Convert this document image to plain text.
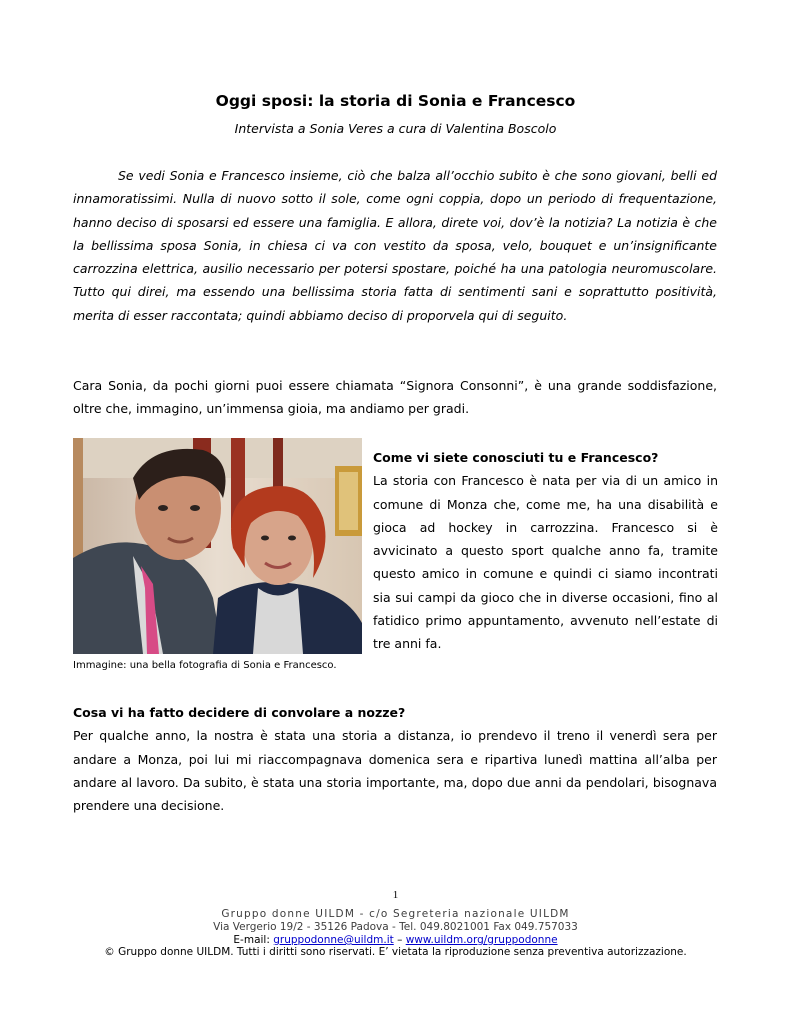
Oggi sposi: la storia di Sonia e Francesco
Intervista a Sonia Veres a cura di Valentina Boscolo

Se vedi Sonia e Francesco insieme, ciò che balza all’occhio subito è che sono giovani, belli ed innamoratissimi. Nulla di nuovo sotto il sole, come ogni coppia, dopo un periodo di frequentazione, hanno deciso di sposarsi ed essere una famiglia. E allora, direte voi, dov’è la notizia? La notizia è che la bellissima sposa Sonia, in chiesa ci va con vestito da sposa, velo, bouquet e un’insignificante carrozzina elettrica, ausilio necessario per potersi spostare, poiché ha una patologia neuromuscolare. Tutto qui direi, ma essendo una bellissima storia fatta di sentimenti sani e soprattutto positività, merita di esser raccontata; quindi abbiamo deciso di proporvela qui di seguito.

Cara Sonia, da pochi giorni puoi essere chiamata “Signora Consonni”, è una grande soddisfazione, oltre che, immagino, un’immensa gioia, ma andiamo per gradi.

Immagine: una bella fotografia di Sonia e Francesco.

Come vi siete conosciuti tu e Francesco?

La storia con Francesco è nata per via di un amico in comune di Monza che, come me, ha una disabilità e gioca ad hockey in carrozzina. Francesco si è avvicinato a questo sport qualche anno fa, tramite questo amico in comune e quindi ci siamo incontrati sia sui campi da gioco che in diverse occasioni, fino al fatidico primo appuntamento, avvenuto nell’estate di tre anni fa.

Cosa vi ha fatto decidere di convolare a nozze?

Per qualche anno, la nostra è stata una storia a distanza, io prendevo il treno il venerdì sera per andare a Monza, poi lui mi riaccompagnava domenica sera e ripartiva lunedì mattina all’alba per andare al lavoro. Da subito, è stata una storia importante, ma, dopo due anni da pendolari, bisognava prendere una decisione.

1
Gruppo donne UILDM - c/o Segreteria nazionale UILDM
Via Vergerio 19/2 - 35126 Padova - Tel. 049.8021001 Fax 049.757033
E-mail: gruppodonne@uildm.it – www.uildm.org/gruppodonne
© Gruppo donne UILDM. Tutti i diritti sono riservati. E’ vietata la riproduzione senza preventiva autorizzazione.
